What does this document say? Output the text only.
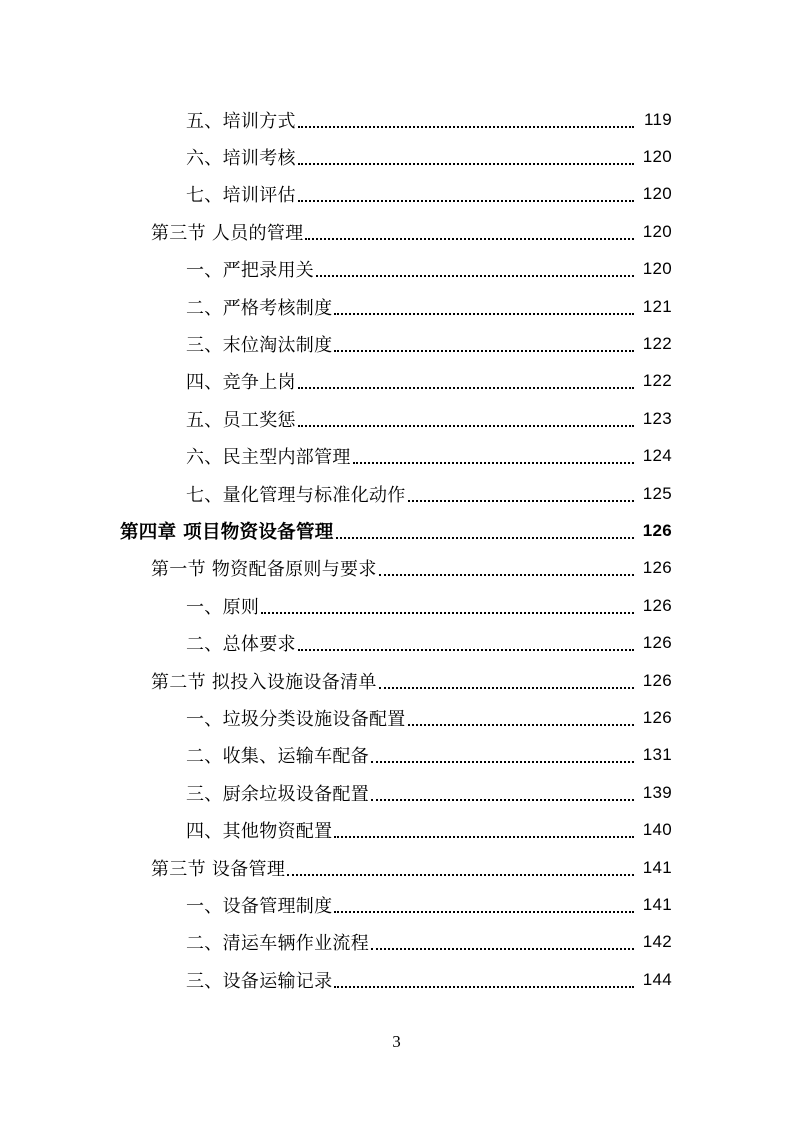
五、培训方式	119
六、培训考核	120
七、培训评估	120
第三节 人员的管理	120
一、严把录用关	120
二、严格考核制度	121
三、末位淘汰制度	122
四、竞争上岗	122
五、员工奖惩	123
六、民主型内部管理	124
七、量化管理与标准化动作	125
第四章 项目物资设备管理	126
第一节 物资配备原则与要求	126
一、原则	126
二、总体要求	126
第二节 拟投入设施设备清单	126
一、垃圾分类设施设备配置	126
二、收集、运输车配备	131
三、厨余垃圾设备配置	139
四、其他物资配置	140
第三节 设备管理	141
一、设备管理制度	141
二、清运车辆作业流程	142
三、设备运输记录	144
3
